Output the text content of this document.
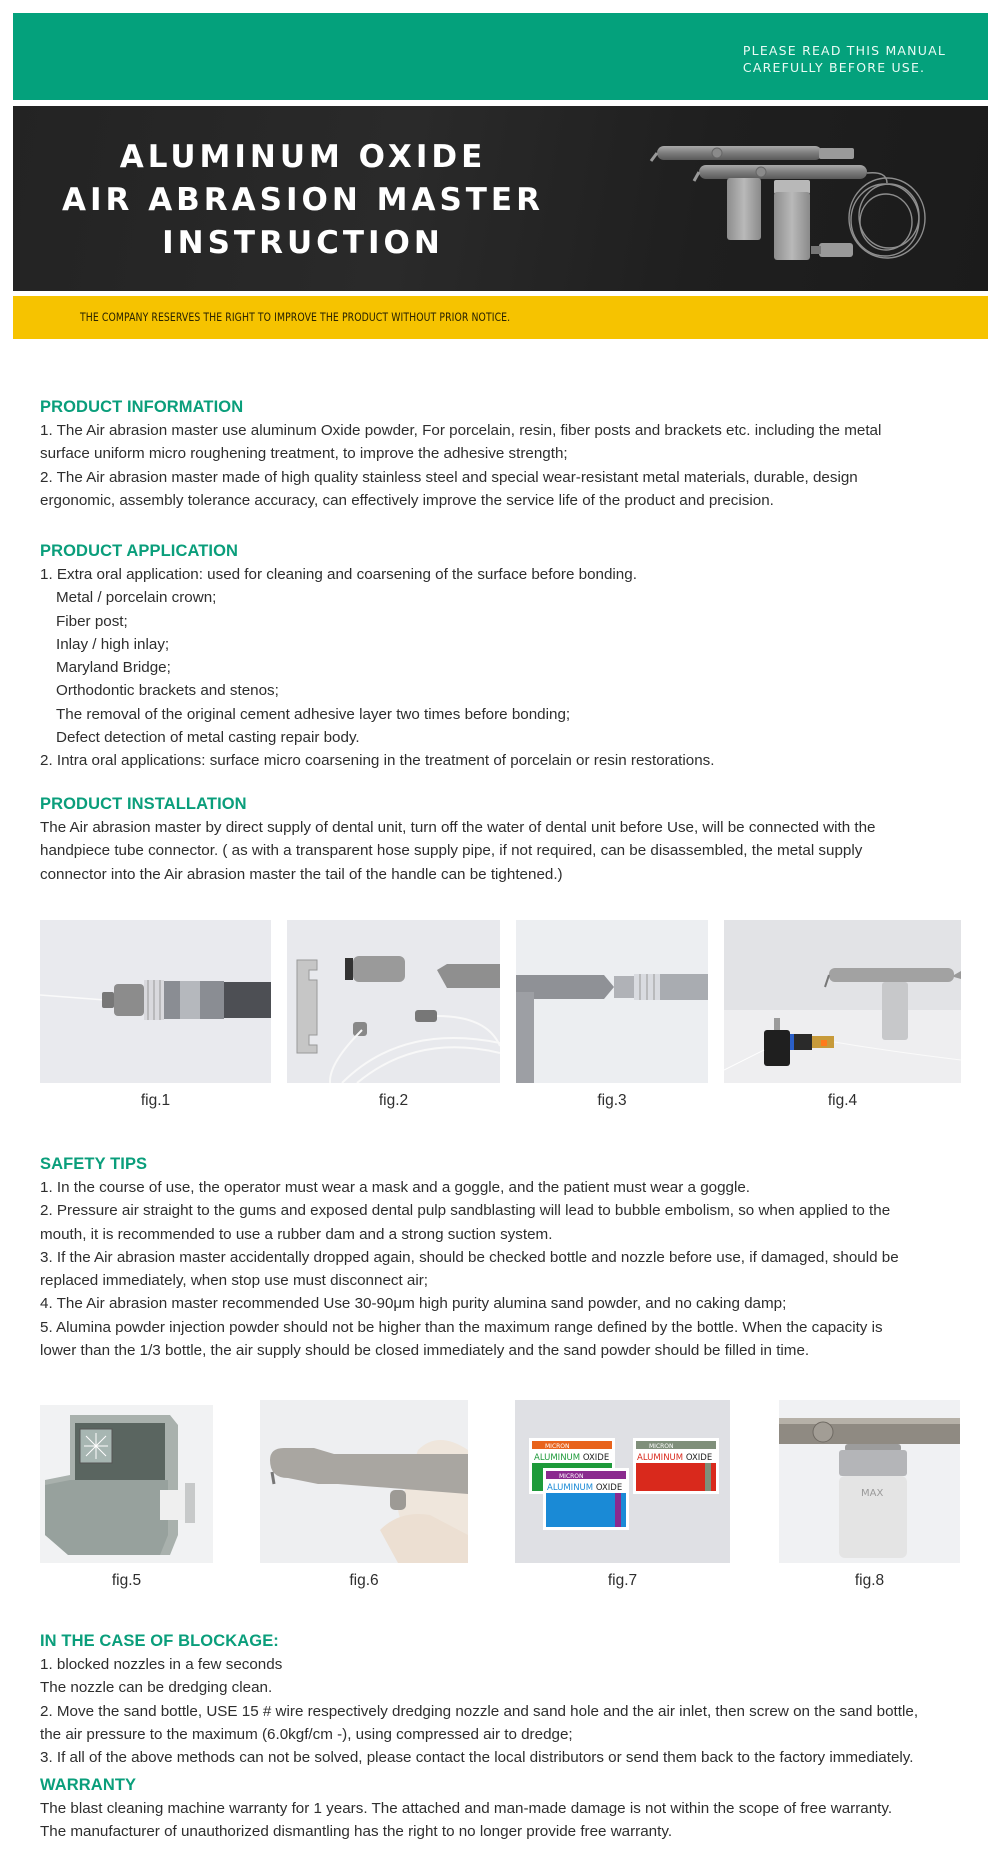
PLEASE READ THIS MANUAL
CAREFULLY BEFORE USE.
ALUMINUM OXIDE
AIR ABRASION MASTER
INSTRUCTION
THE COMPANY RESERVES THE RIGHT TO IMPROVE THE PRODUCT WITHOUT PRIOR NOTICE.
PRODUCT INFORMATION

1. The Air abrasion master use aluminum Oxide powder, For porcelain, resin, fiber posts and brackets etc. including the metal

surface uniform micro roughening treatment, to improve the adhesive strength;

2. The Air abrasion master made of high quality stainless steel and special wear-resistant metal materials, durable, design

ergonomic, assembly tolerance accuracy, can effectively improve the service life of the product and precision.

PRODUCT APPLICATION

1. Extra oral application: used for cleaning and coarsening of the surface before bonding.

Metal / porcelain crown;

Fiber post;

Inlay / high inlay;

Maryland Bridge;

Orthodontic brackets and stenos;

The removal of the original cement adhesive layer two times before bonding;

Defect detection of metal casting repair body.

2. Intra oral applications: surface micro coarsening in the treatment of porcelain or resin restorations.

PRODUCT INSTALLATION

The Air abrasion master by direct supply of dental unit, turn off the water of dental unit before Use, will be connected with the

handpiece tube connector. ( as with a transparent hose supply pipe, if not required, can be disassembled, the metal supply

connector into the Air abrasion master the tail of the handle can be tightened.)

fig.1	fig.2	fig.3	fig.4
SAFETY TIPS

1. In the course of use, the operator must wear a mask and a goggle, and the patient must wear a goggle.

2. Pressure air straight to the gums and exposed dental pulp sandblasting will lead to bubble embolism, so when applied to the

mouth, it is recommended to use a rubber dam and a strong suction system.

3. If the Air abrasion master accidentally dropped again, should be checked bottle and nozzle before use, if damaged, should be

replaced immediately, when stop use must disconnect air;

4. The Air abrasion master recommended Use 30-90μm high purity alumina sand powder, and no caking damp;

5. Alumina powder injection powder should not be higher than the maximum range defined by the bottle. When the capacity is

lower than the 1/3 bottle, the air supply should be closed immediately and the sand powder should be filled in time.

fig.5	fig.6
MICRON
ALUMINUM OXIDE
MICRON
ALUMINUM OXIDE
MICRON
ALUMINUM OXIDE
fig.7
MAX
fig.8
IN THE CASE OF BLOCKAGE:

1. blocked nozzles in a few seconds

The nozzle can be dredging clean.

2. Move the sand bottle, USE 15 # wire respectively dredging nozzle and sand hole and the air inlet, then screw on the sand bottle,

the air pressure to the maximum (6.0kgf/cm -), using compressed air to dredge;

3. If all of the above methods can not be solved, please contact the local distributors or send them back to the factory immediately.

WARRANTY

The blast cleaning machine warranty for 1 years. The attached and man-made damage is not within the scope of free warranty.

The manufacturer of unauthorized dismantling has the right to no longer provide free warranty.
